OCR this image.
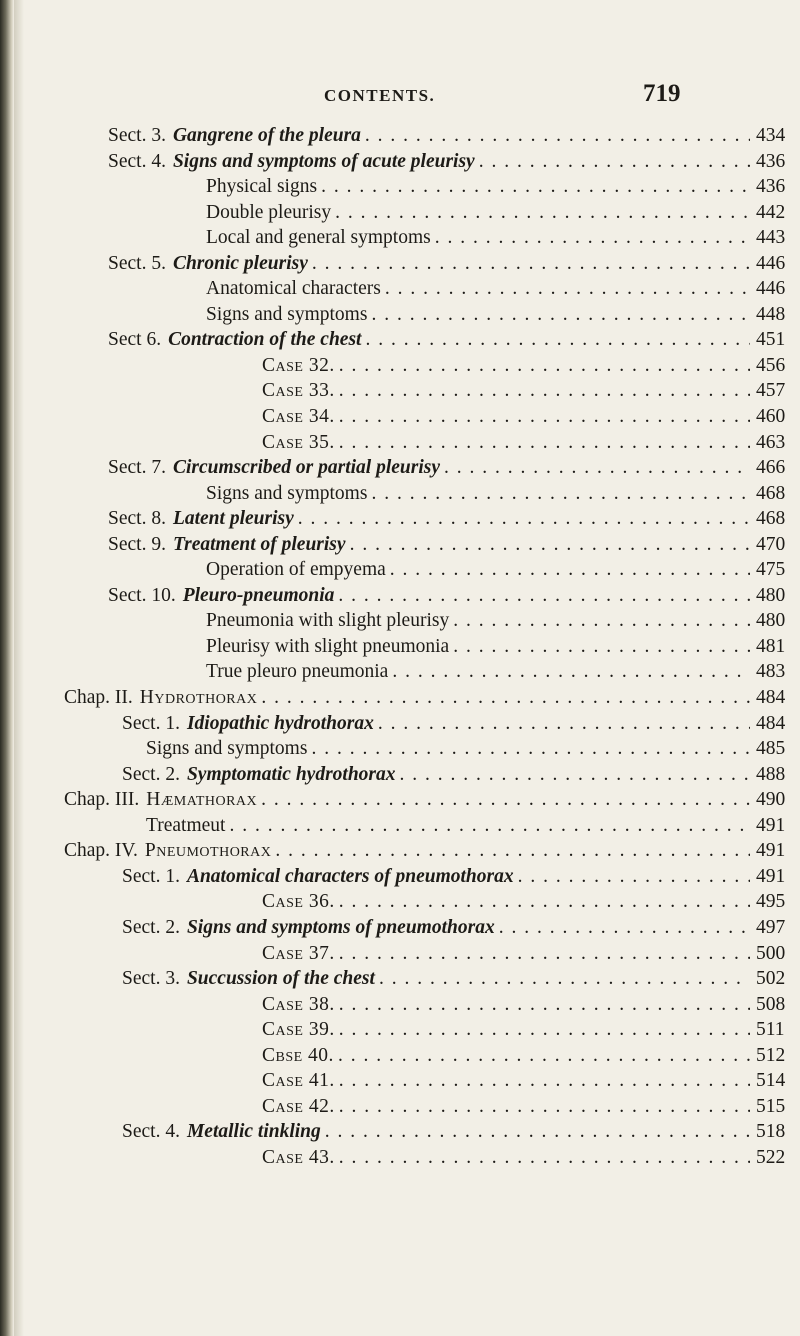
CONTENTS.	719
Sect. 3. Gangrene of the pleura . . .	434
Sect. 4. Signs and symptoms of acute pleurisy . . .	436
Physical signs . . .	436
Double pleurisy . . .	442
Local and general symptoms . . .	443
Sect. 5. Chronic pleurisy . . .	446
Anatomical characters . . .	446
Signs and symptoms . . .	448
Sect 6. Contraction of the chest . . .	451
Case 32. . . .	456
Case 33. . . .	457
Case 34. . . .	460
Case 35. . . .	463
Sect. 7. Circumscribed or partial pleurisy . . .	466
Signs and symptoms . . .	468
Sect. 8. Latent pleurisy . . .	468
Sect. 9. Treatment of pleurisy . . .	470
Operation of empyema . . .	475
Sect. 10. Pleuro-pneumonia . . .	480
Pneumonia with slight pleurisy . . .	480
Pleurisy with slight pneumonia . . .	481
True pleuro pneumonia . . .	483
Chap. II. Hydrothorax . . .	484
Sect. 1. Idiopathic hydrothorax . . .	484
Signs and symptoms . . .	485
Sect. 2. Symptomatic hydrothorax . . .	488
Chap. III. Hæmathorax . . .	490
Treatmeut . . .	491
Chap. IV. Pneumothorax . . .	491
Sect. 1. Anatomical characters of pneumothorax . . .	491
Case 36. . . .	495
Sect. 2. Signs and symptoms of pneumothorax . . .	497
Case 37. . . .	500
Sect. 3. Succussion of the chest . . .	502
Case 38. . . .	508
Case 39. . . .	511
Cbse 40. . . .	512
Case 41. . . .	514
Case 42. . . .	515
Sect. 4. Metallic tinkling . . .	518
Case 43. . . .	522
